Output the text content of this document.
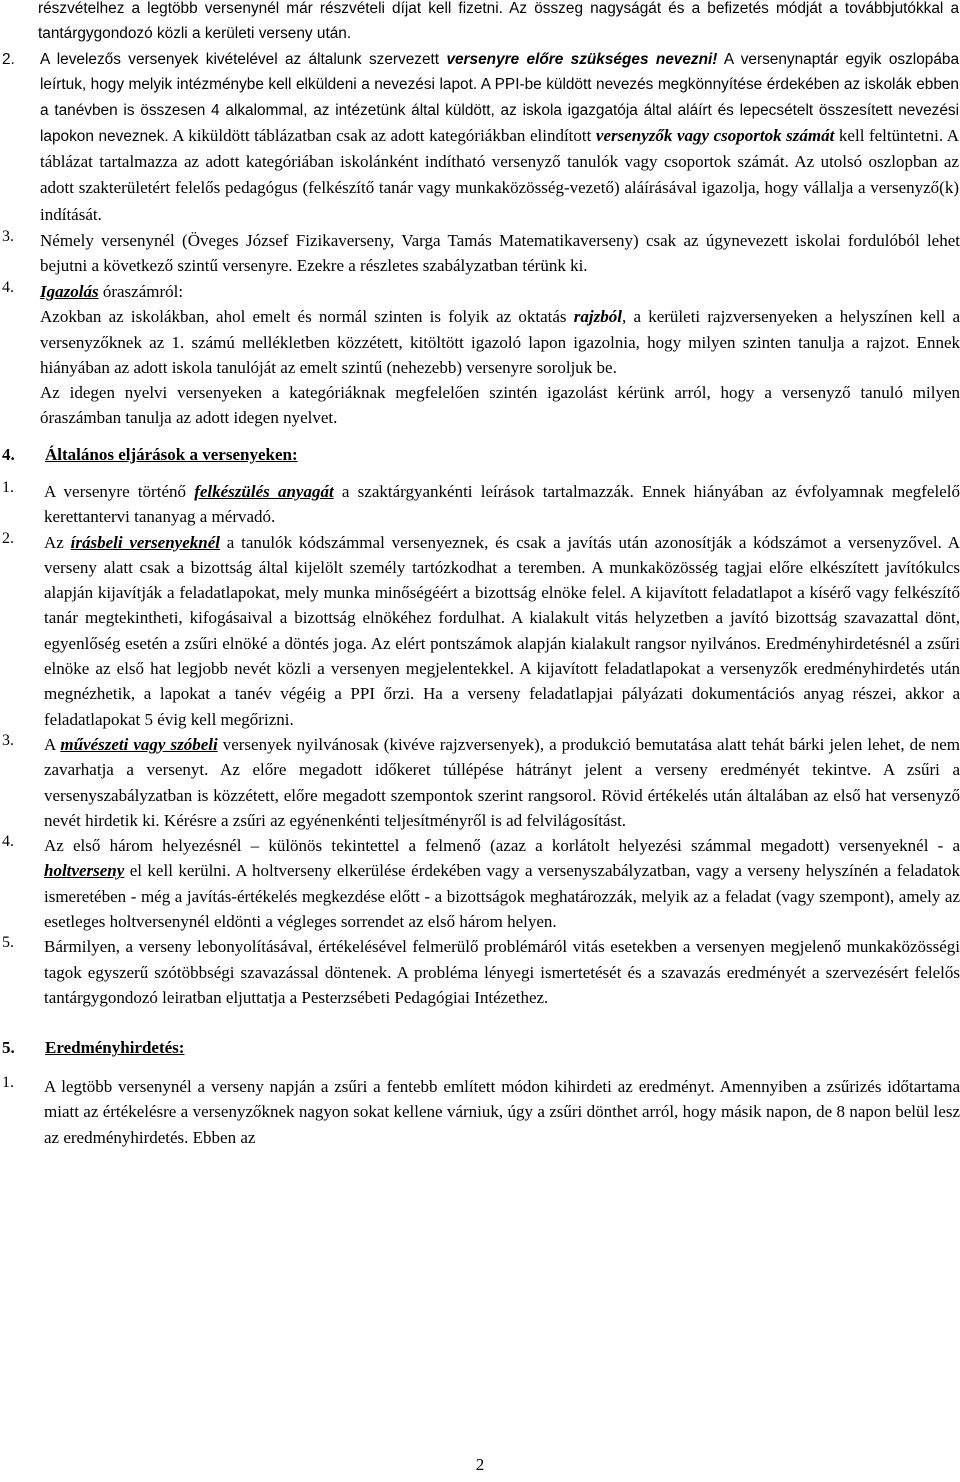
részvételhez a legtöbb versenynél már részvételi díjat kell fizetni. Az összeg nagyságát és a befizetés módját a továbbjutókkal a tantárgygondozó közli a kerületi verseny után.

2.	A levelezős versenyek kivételével az általunk szervezett versenyre előre szükséges nevezni! A versenynaptár egyik oszlopába leírtuk, hogy melyik intézménybe kell elküldeni a nevezési lapot. A PPI-be küldött nevezés megkönnyítése érdekében az iskolák ebben a tanévben is összesen 4 alkalommal, az intézetünk által küldött, az iskola igazgatója által aláírt és lepecsételt összesített nevezési lapokon neveznek. A kiküldött táblázatban csak az adott kategóriákban elindított versenyzők vagy csoportok számát kell feltüntetni. A táblázat tartalmazza az adott kategóriában iskolánként indítható versenyző tanulók vagy csoportok számát. Az utolsó oszlopban az adott szakterületért felelős pedagógus (felkészítő tanár vagy munkaközösség-vezető) aláírásával igazolja, hogy vállalja a versenyző(k) indítását.

3.	Némely versenynél (Öveges József Fizikaverseny, Varga Tamás Matematikaverseny) csak az úgynevezett iskolai fordulóból lehet bejutni a következő szintű versenyre. Ezekre a részletes szabályzatban térünk ki.

4.	Igazolás óraszámról:

Azokban az iskolákban, ahol emelt és normál szinten is folyik az oktatás rajzból, a kerületi rajzversenyeken a helyszínen kell a versenyzőknek az 1. számú mellékletben közzétett, kitöltött igazoló lapon igazolnia, hogy milyen szinten tanulja a rajzot. Ennek hiányában az adott iskola tanulóját az emelt szintű (nehezebb) versenyre soroljuk be.

Az idegen nyelvi versenyeken a kategóriáknak megfelelően szintén igazolást kérünk arról, hogy a versenyző tanuló milyen óraszámban tanulja az adott idegen nyelvet.

4.	Általános eljárások a versenyeken:
1.	A versenyre történő felkészülés anyagát a szaktárgyankénti leírások tartalmazzák. Ennek hiányában az évfolyamnak megfelelő kerettantervi tananyag a mérvadó.

2.	Az írásbeli versenyeknél a tanulók kódszámmal versenyeznek, és csak a javítás után azonosítják a kódszámot a versenyzővel. A verseny alatt csak a bizottság által kijelölt személy tartózkodhat a teremben. A munkaközösség tagjai előre elkészített javítókulcs alapján kijavítják a feladatlapokat, mely munka minőségéért a bizottság elnöke felel. A kijavított feladatlapot a kísérő vagy felkészítő tanár megtekintheti, kifogásaival a bizottság elnökéhez fordulhat. A kialakult vitás helyzetben a javító bizottság szavazattal dönt, egyenlőség esetén a zsűri elnöké a döntés joga. Az elért pontszámok alapján kialakult rangsor nyilvános. Eredményhirdetésnél a zsűri elnöke az első hat legjobb nevét közli a versenyen megjelentekkel. A kijavított feladatlapokat a versenyzők eredményhirdetés után megnézhetik, a lapokat a tanév végéig a PPI őrzi. Ha a verseny feladatlapjai pályázati dokumentációs anyag részei, akkor a feladatlapokat 5 évig kell megőrizni.

3.	A művészeti vagy szóbeli versenyek nyilvánosak (kivéve rajzversenyek), a produkció bemutatása alatt tehát bárki jelen lehet, de nem zavarhatja a versenyt. Az előre megadott időkeret túllépése hátrányt jelent a verseny eredményét tekintve. A zsűri a versenyszabályzatban is közzétett, előre megadott szempontok szerint rangsorol. Rövid értékelés után általában az első hat versenyző nevét hirdetik ki. Kérésre a zsűri az egyénenkénti teljesítményről is ad felvilágosítást.

4.	Az első három helyezésnél – különös tekintettel a felmenő (azaz a korlátolt helyezési számmal megadott) versenyeknél - a holtverseny el kell kerülni. A holtverseny elkerülése érdekében vagy a versenyszabályzatban, vagy a verseny helyszínén a feladatok ismeretében - még a javítás-értékelés megkezdése előtt - a bizottságok meghatározzák, melyik az a feladat (vagy szempont), amely az esetleges holtversenynél eldönti a végleges sorrendet az első három helyen.

5.	Bármilyen, a verseny lebonyolításával, értékelésével felmerülő problémáról vitás esetekben a versenyen megjelenő munkaközösségi tagok egyszerű szótöbbségi szavazással döntenek. A probléma lényegi ismertetését és a szavazás eredményét a szervezésért felelős tantárgygondozó leiratban eljuttatja a Pesterzsébeti Pedagógiai Intézethez.

5.	Eredményhirdetés:
1.	A legtöbb versenynél a verseny napján a zsűri a fentebb említett módon kihirdeti az eredményt. Amennyiben a zsűrizés időtartama miatt az értékelésre a versenyzőknek nagyon sokat kellene várniuk, úgy a zsűri dönthet arról, hogy másik napon, de 8 napon belül lesz az eredményhirdetés. Ebben az

2
